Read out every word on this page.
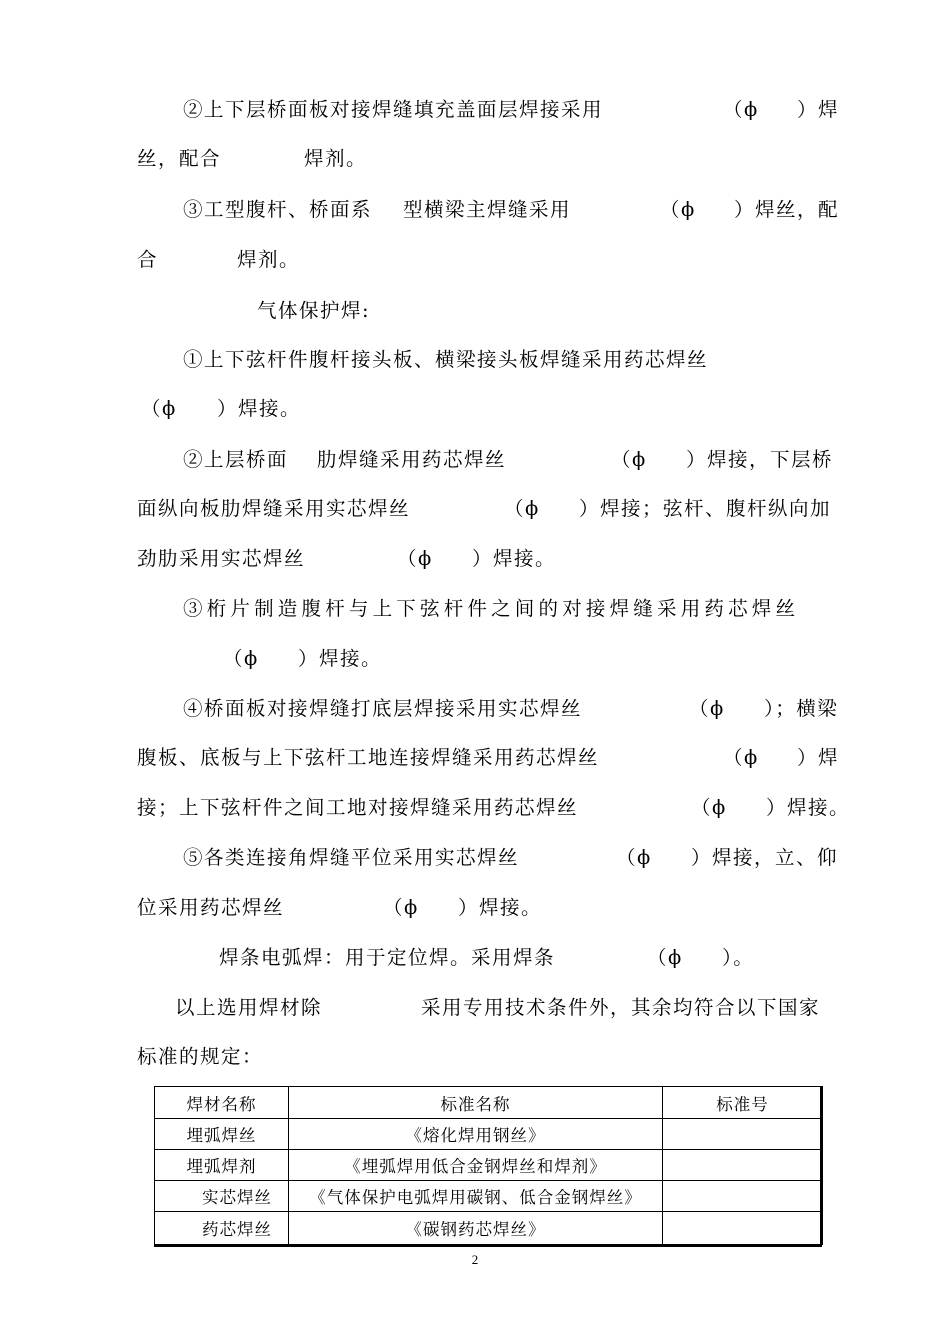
②上下层桥面板对接焊缝填充盖面层焊接采用	（ϕ ）焊
丝，配合	焊剂。
③工型腹杆、桥面系 型横梁主焊缝采用	（ϕ ）焊丝，配
合	焊剂。
气体保护焊:
①上下弦杆件腹杆接头板、横梁接头板焊缝采用药芯焊丝
（ϕ ）焊接。
②上层桥面 肋焊缝采用药芯焊丝	（ϕ ）焊接，下层桥
面纵向板肋焊缝采用实芯焊丝	（ϕ ）焊接；弦杆、腹杆纵向加
劲肋采用实芯焊丝	（ϕ ）焊接。
③桁片制造腹杆与上下弦杆件之间的对接焊缝采用药芯焊丝
（ϕ ）焊接。
④桥面板对接焊缝打底层焊接采用实芯焊丝	（ϕ ）；横梁
腹板、底板与上下弦杆工地连接焊缝采用药芯焊丝	（ϕ ）焊
接；上下弦杆件之间工地对接焊缝采用药芯焊丝	（ϕ ）焊接。
⑤各类连接角焊缝平位采用实芯焊丝	（ϕ ）焊接，立、仰
位采用药芯焊丝	（ϕ ）焊接。
焊条电弧焊：用于定位焊。采用焊条	（ϕ ）。
以上选用焊材除	采用专用技术条件外，其余均符合以下国家
标准的规定：
焊材名称	标准名称	标准号
埋弧焊丝	《熔化焊用钢丝》	
埋弧焊剂	《埋弧焊用低合金钢焊丝和焊剂》	
实芯焊丝	《气体保护电弧焊用碳钢、低合金钢焊丝》	
药芯焊丝	《碳钢药芯焊丝》	
2
